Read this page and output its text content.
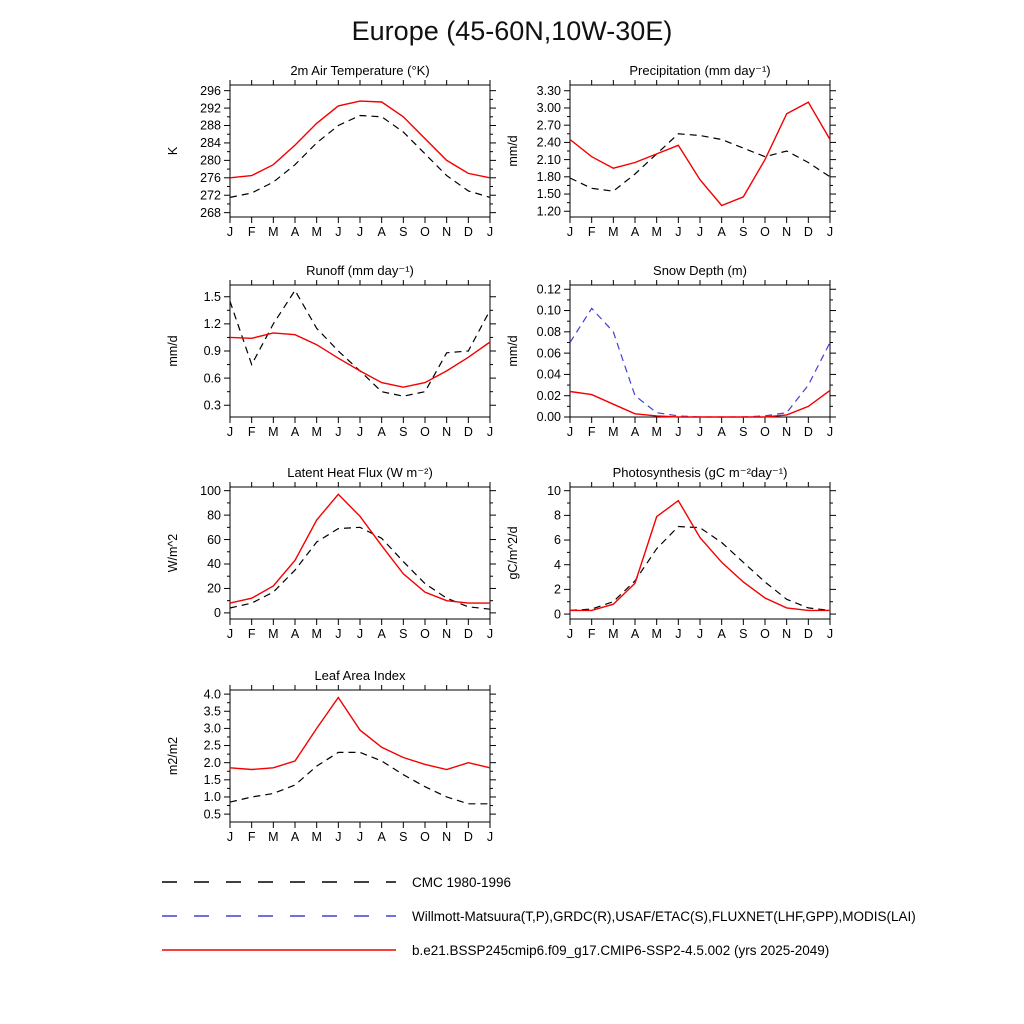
Europe (45-60N,10W-30E)
2m Air Temperature (°K)
K
268
272
276
280
284
288
292
296
J F M A M J J A S O N D J
Precipitation (mm day⁻¹)
mm/d
1.20
1.50
1.80
2.10
2.40
2.70
3.00
3.30
J F M A M J J A S O N D J
Runoff (mm day⁻¹)
mm/d
0.3
0.6
0.9
1.2
1.5
J F M A M J J A S O N D J
Snow Depth (m)
mm/d
0.00
0.02
0.04
0.06
0.08
0.10
0.12
J F M A M J J A S O N D J
Latent Heat Flux (W m⁻²)
W/m^2
0
20
40
60
80
100
J F M A M J J A S O N D J
Photosynthesis (gC m⁻²day⁻¹)
gC/m^2/d
0
2
4
6
8
10
J F M A M J J A S O N D J
Leaf Area Index
m2/m2
0.5
1.0
1.5
2.0
2.5
3.0
3.5
4.0
J F M A M J J A S O N D J
CMC 1980-1996
Willmott-Matsuura(T,P),GRDC(R),USAF/ETAC(S),FLUXNET(LHF,GPP),MODIS(LAI)
b.e21.BSSP245cmip6.f09_g17.CMIP6-SSP2-4.5.002 (yrs 2025-2049)
